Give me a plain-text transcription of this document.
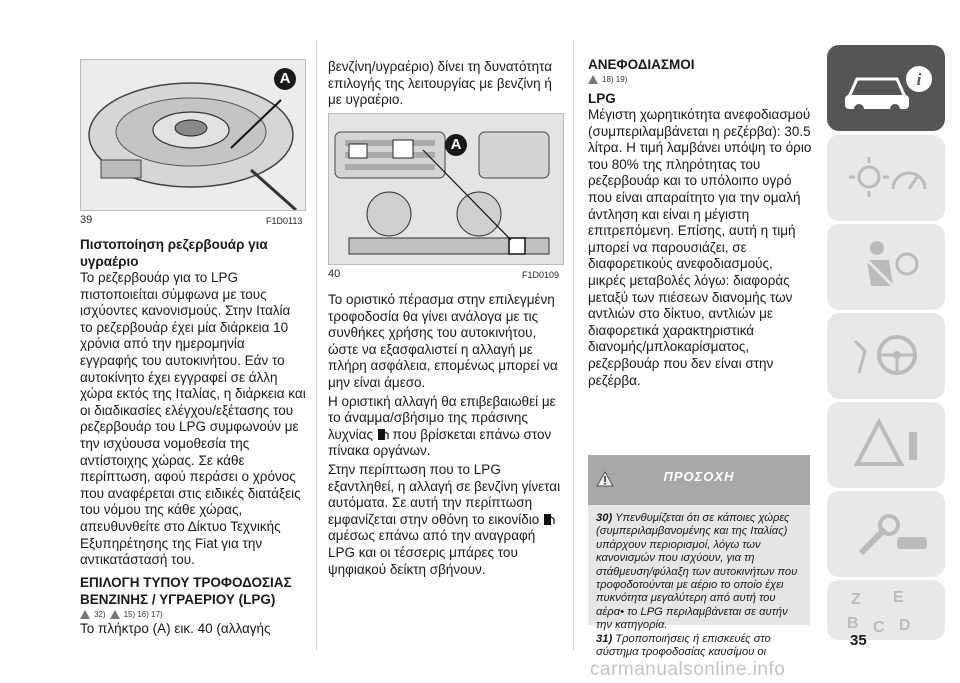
A
39	F1D0113

Πιστοποίηση ρεζερβουάρ για υγραέριο

Το ρεζερβουάρ για το LPG πιστοποιείται σύμφωνα με τους ισχύοντες κανονισμούς. Στην Ιταλία το ρεζερβουάρ έχει μία διάρκεια 10 χρόνια από την ημερομηνία εγγραφής του αυτοκινήτου. Εάν το αυτοκίνητο έχει εγγραφεί σε άλλη χώρα εκτός της Ιταλίας, η διάρκεια και οι διαδικασίες ελέγχου/εξέτασης του ρεζερβουάρ του LPG συμφωνούν με την ισχύουσα νομοθεσία της αντίστοιχης χώρας. Σε κάθε περίπτωση, αφού περάσει ο χρόνος που αναφέρεται στις ειδικές διατάξεις του νόμου της κάθε χώρας, απευθυνθείτε στο Δίκτυο Τεχνικής Εξυπηρέτησης της Fiat για την αντικατάστασή του.

ΕΠΙΛΟΓΗ ΤΥΠΟΥ ΤΡΟΦΟΔΟΣΙΑΣ ΒΕΝΖΙΝΗΣ / ΥΓΡΑΕΡΙΟΥ (LPG)

32) 15) 16) 17)

Το πλήκτρο (A) εικ. 40 (αλλαγής

βενζίνη/υγραέριο) δίνει τη δυνατότητα επιλογής της λειτουργίας με βενζίνη ή με υγραέριο.

A
40	F1D0109

Το οριστικό πέρασμα στην επιλεγμένη τροφοδοσία θα γίνει ανάλογα με τις συνθήκες χρήσης του αυτοκινήτου, ώστε να εξασφαλιστεί η αλλαγή με πλήρη ασφάλεια, επομένως μπορεί να μην είναι άμεσο.

Η οριστική αλλαγή θα επιβεβαιωθεί με το άναμμα/σβήσιμο της πράσινης λυχνίας που βρίσκεται επάνω στον πίνακα οργάνων.

Στην περίπτωση που το LPG εξαντληθεί, η αλλαγή σε βενζίνη γίνεται αυτόματα. Σε αυτή την περίπτωση εμφανίζεται στην οθόνη το εικονίδιο  αμέσως επάνω από την αναγραφή LPG και οι τέσσερις μπάρες του ψηφιακού δείκτη σβήνουν.

ΑΝΕΦΟΔΙΑΣΜΟΙ

18) 19)

LPG

Μέγιστη χωρητικότητα ανεφοδιασμού (συμπεριλαμβάνεται η ρεζέρβα): 30.5 λίτρα. Η τιμή λαμβάνει υπόψη το όριο του 80% της πληρότητας του ρεζερβουάρ και το υπόλοιπο υγρό που είναι απαραίτητο για την ομαλή άντληση και είναι η μέγιστη επιτρεπόμενη. Επίσης, αυτή η τιμή μπορεί να παρουσιάζει, σε διαφορετικούς ανεφοδιασμούς, μικρές μεταβολές λόγω: διαφοράς μεταξύ των πιέσεων διανομής των αντλιών στο δίκτυο, αντλιών με διαφορετικά χαρακτηριστικά διανομής/μπλοκαρίσματος, ρεζερβουάρ που δεν είναι στην ρεζέρβα.

ΠΡΟΣΟΧΗ
30) Υπενθυμίζεται ότι σε κάποιες χώρες (συμπεριλαμβανομένης και της Ιταλίας) υπάρχουν περιορισμοί, λόγω των κανονισμών που ισχύουν, για τη στάθμευση/φύλαξη των αυτοκινήτων που τροφοδοτούνται με αέριο το οποίο έχει πυκνότητα μεγαλύτερη από αυτή του αέρα• το LPG περιλαμβάνεται σε αυτήν την κατηγορία.
31) Τροποποιήσεις ή επισκευές στο σύστημα τροφοδοσίας καυσίμου οι
i
Z E
B C D
35
carmanualsonline.info
